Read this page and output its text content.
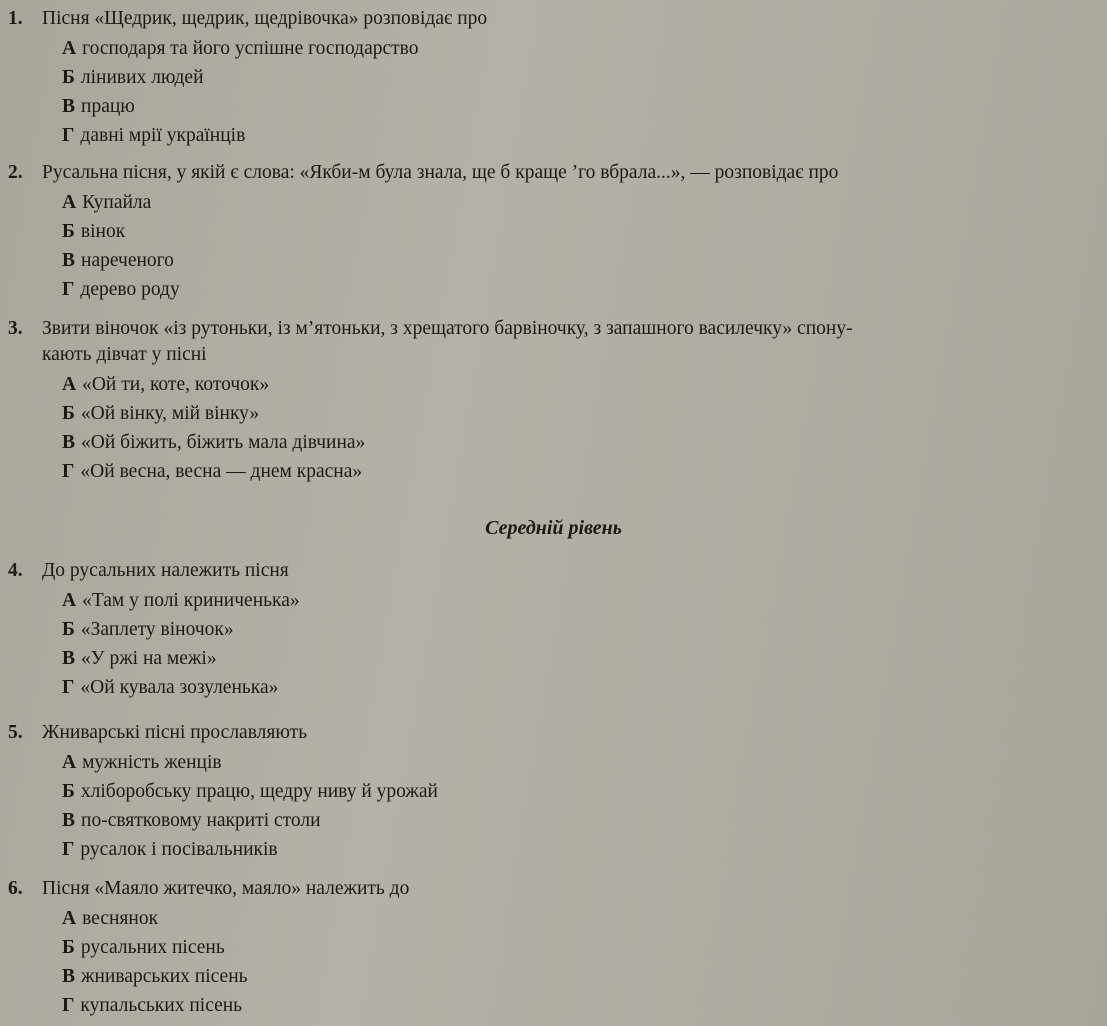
1. Пісня «Щедрик, щедрик, щедрівочка» розповідає про
А господаря та його успішне господарство
Б лінивих людей
В працю
Г давні мрії українців
2. Русальна пісня, у якій є слова: «Якби-м була знала, ще б краще ’го вбрала...», — розповідає про
А Купайла
Б вінок
В нареченого
Г дерево роду
3. Звити віночок «із рутоньки, із м’ятоньки, з хрещатого барвіночку, з запашного василечку» спону-
кають дівчат у пісні
А «Ой ти, коте, коточок»
Б «Ой вінку, мій вінку»
В «Ой біжить, біжить мала дівчина»
Г «Ой весна, весна — днем красна»
Середній рівень
4. До русальних належить пісня
А «Там у полі криниченька»
Б «Заплету віночок»
В «У ржі на межі»
Г «Ой кувала зозуленька»
5. Жниварські пісні прославляють
А мужність женців
Б хліборобську працю, щедру ниву й урожай
В по-святковому накриті столи
Г русалок і посівальників
6. Пісня «Маяло житечко, маяло» належить до
А веснянок
Б русальних пісень
В жниварських пісень
Г купальських пісень
